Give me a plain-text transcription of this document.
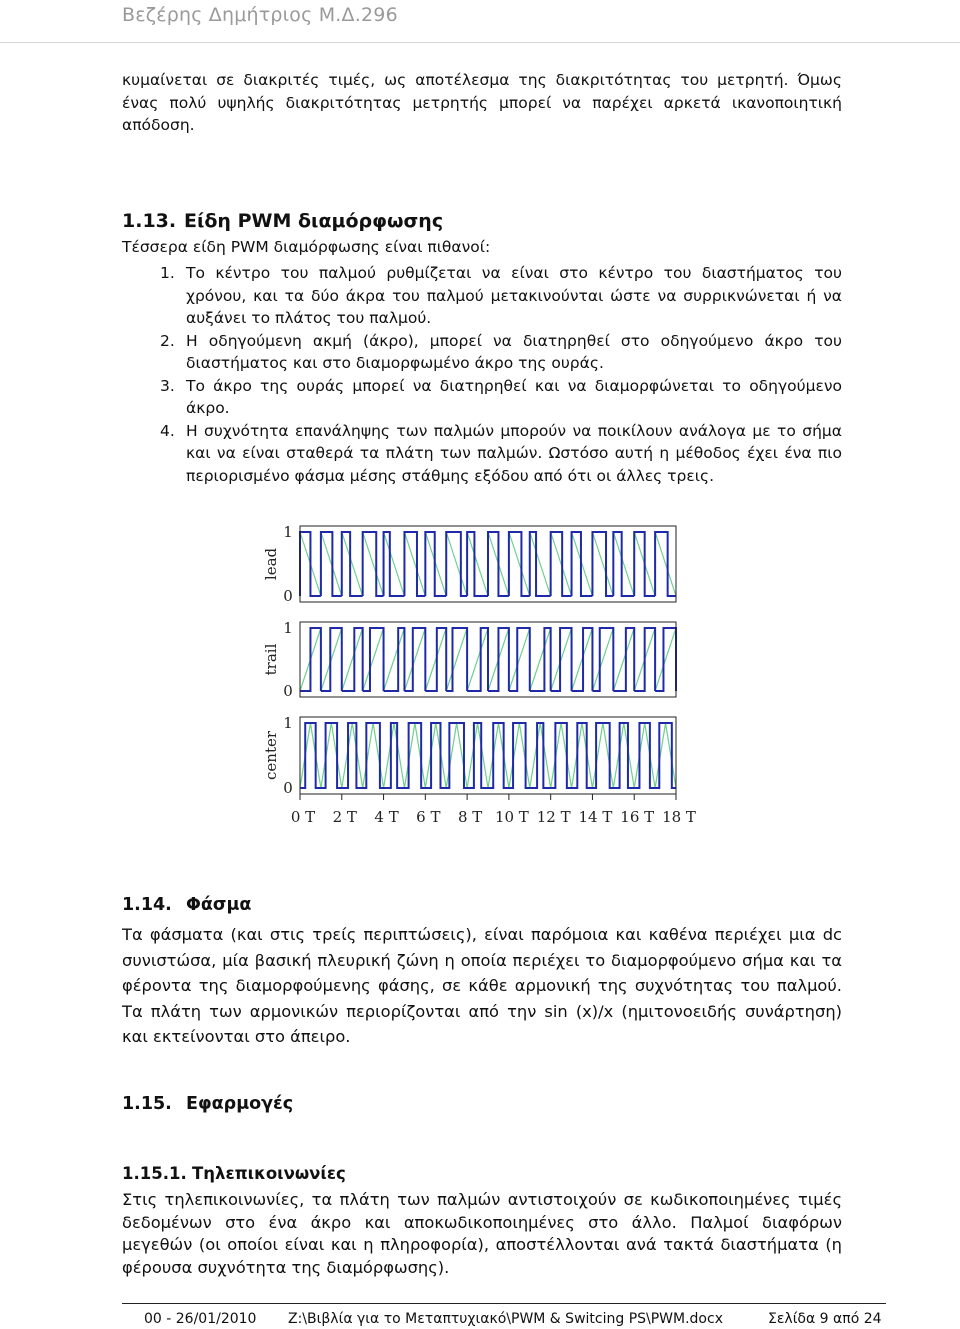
Βεζέρης Δημήτριος Μ.Δ.296
κυμαίνεται σε διακριτές τιμές, ως αποτέλεσμα της διακριτότητας του μετρητή. Όμως ένας πολύ υψηλής διακριτότητας μετρητής μπορεί να παρέχει αρκετά ικανοποιητική απόδοση.
1.13. Είδη PWM διαμόρφωσης
Τέσσερα είδη PWM διαμόρφωσης είναι πιθανοί:
1. Το κέντρο του παλμού ρυθμίζεται να είναι στο κέντρο του διαστήματος του χρόνου, και τα δύο άκρα του παλμού μετακινούνται ώστε να συρρικνώνεται ή να αυξάνει το πλάτος του παλμού.
2. Η οδηγούμενη ακμή (άκρο), μπορεί να διατηρηθεί στο οδηγούμενο άκρο του διαστήματος και στο διαμορφωμένο άκρο της ουράς.
3. Το άκρο της ουράς μπορεί να διατηρηθεί και να διαμορφώνεται το οδηγούμενο άκρο.
4. Η συχνότητα επανάληψης των παλμών μπορούν να ποικίλουν ανάλογα με το σήμα και να είναι σταθερά τα πλάτη των παλμών. Ωστόσο αυτή η μέθοδος έχει ένα πιο περιορισμένο φάσμα μέσης στάθμης εξόδου από ότι οι άλλες τρεις.
lead
1
0
trail
1
0
center
1
0
0 T 2 T 4 T 6 T 8 T 10 T 12 T 14 T 16 T 18 T
1.14. Φάσμα
Τα φάσματα (και στις τρείς περιπτώσεις), είναι παρόμοια και καθένα περιέχει μια dc συνιστώσα, μία βασική πλευρική ζώνη η οποία περιέχει το διαμορφούμενο σήμα και τα φέροντα της διαμορφούμενης φάσης, σε κάθε αρμονική της συχνότητας του παλμού. Τα πλάτη των αρμονικών περιορίζονται από την sin (x)/x (ημιτονοειδής συνάρτηση) και εκτείνονται στο άπειρο.
1.15. Εφαρμογές
1.15.1. Τηλεπικοινωνίες
Στις τηλεπικοινωνίες, τα πλάτη των παλμών αντιστοιχούν σε κωδικοποιημένες τιμές δεδομένων στο ένα άκρο και αποκωδικοποιημένες στο άλλο. Παλμοί διαφόρων μεγεθών (οι οποίοι είναι και η πληροφορία), αποστέλλονται ανά τακτά διαστήματα (η φέρουσα συχνότητα της διαμόρφωσης).
00 - 26/01/2010 Z:\Βιβλία για το Μεταπτυχιακό\PWM & Switcing PS\PWM.docx	Σελίδα 9 από 24
